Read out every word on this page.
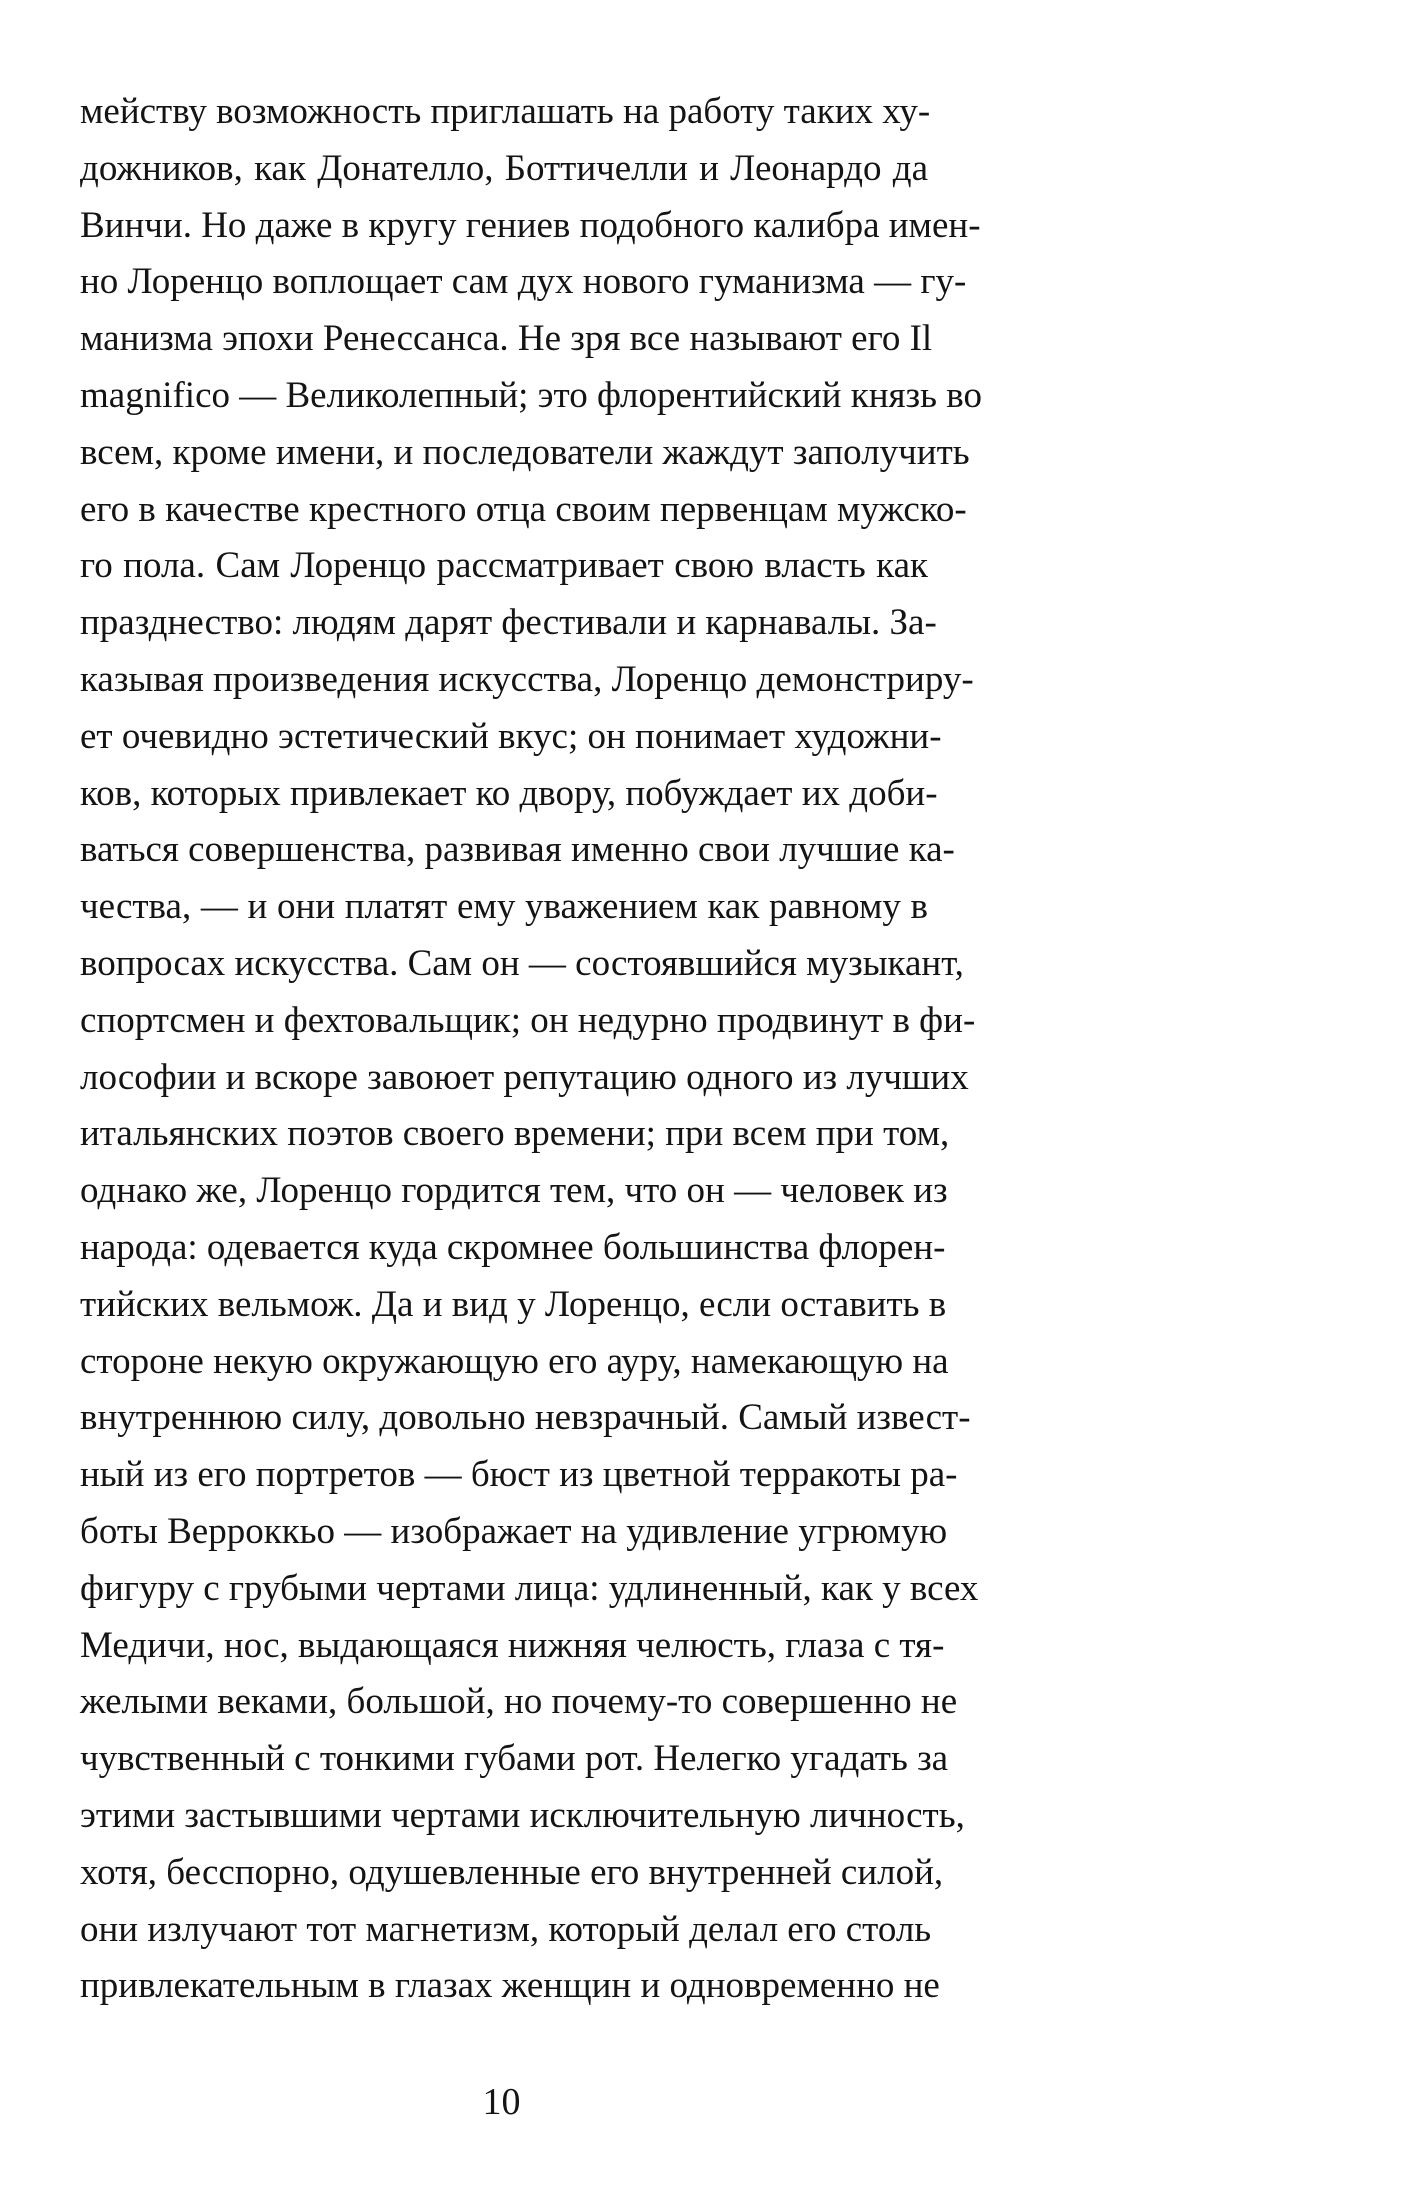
мейству возможность приглашать на работу таких ху-
дожников, как Донателло, Боттичелли и Леонардо да
Винчи. Но даже в кругу гениев подобного калибра имен-
но Лоренцо воплощает сам дух нового гуманизма — гу-
манизма эпохи Ренессанса. Не зря все называют его Il
magnifico — Великолепный; это флорентийский князь во
всем, кроме имени, и последователи жаждут заполучить
его в качестве крестного отца своим первенцам мужско-
го пола. Сам Лоренцо рассматривает свою власть как
празднество: людям дарят фестивали и карнавалы. За-
казывая произведения искусства, Лоренцо демонстриру-
ет очевидно эстетический вкус; он понимает художни-
ков, которых привлекает ко двору, побуждает их доби-
ваться совершенства, развивая именно свои лучшие ка-
чества, — и они платят ему уважением как равному в
вопросах искусства. Сам он — состоявшийся музыкант,
спортсмен и фехтовальщик; он недурно продвинут в фи-
лософии и вскоре завоюет репутацию одного из лучших
итальянских поэтов своего времени; при всем при том,
однако же, Лоренцо гордится тем, что он — человек из
народа: одевается куда скромнее большинства флорен-
тийских вельмож. Да и вид у Лоренцо, если оставить в
стороне некую окружающую его ауру, намекающую на
внутреннюю силу, довольно невзрачный. Самый извест-
ный из его портретов — бюст из цветной терракоты ра-
боты Верроккьо — изображает на удивление угрюмую
фигуру с грубыми чертами лица: удлиненный, как у всех
Медичи, нос, выдающаяся нижняя челюсть, глаза с тя-
желыми веками, большой, но почему-то совершенно не
чувственный с тонкими губами рот. Нелегко угадать за
этими застывшими чертами исключительную личность,
хотя, бесспорно, одушевленные его внутренней силой,
они излучают тот магнетизм, который делал его столь
привлекательным в глазах женщин и одновременно не
10
